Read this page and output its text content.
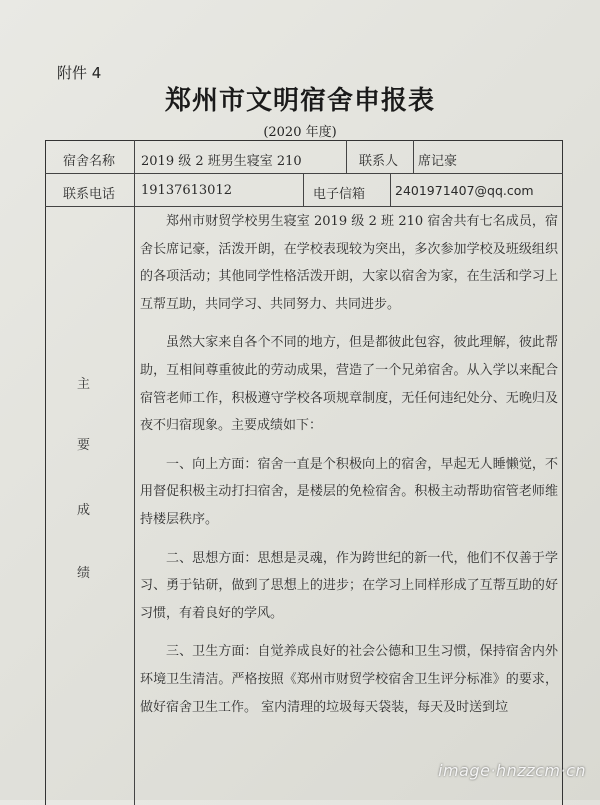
附件 4
郑州市文明宿舍申报表
(2020 年度)
宿舍名称 2019 级 2 班男生寝室 210	联系人 席记豪
联系电话 19137613012	电子信箱 2401971407@qq.com
主
要
成
绩

郑州市财贸学校男生寝室 2019 级 2 班 210 宿舍共有七名成员，宿舍长席记豪，活泼开朗，在学校表现较为突出，多次参加学校及班级组织的各项活动；其他同学性格活泼开朗，大家以宿舍为家，在生活和学习上互帮互助，共同学习、共同努力、共同进步。

虽然大家来自各个不同的地方，但是都彼此包容，彼此理解，彼此帮助，互相间尊重彼此的劳动成果，营造了一个兄弟宿舍。从入学以来配合宿管老师工作，积极遵守学校各项规章制度，无任何违纪处分、无晚归及夜不归宿现象。主要成绩如下：

一、向上方面：宿舍一直是个积极向上的宿舍，早起无人睡懒觉，不用督促积极主动打扫宿舍，是楼层的免检宿舍。积极主动帮助宿管老师维持楼层秩序。

二、思想方面：思想是灵魂，作为跨世纪的新一代，他们不仅善于学习、勇于钻研，做到了思想上的进步；在学习上同样形成了互帮互助的好习惯，有着良好的学风。

三、卫生方面：自觉养成良好的社会公德和卫生习惯，保持宿舍内外环境卫生清洁。严格按照《郑州市财贸学校宿舍卫生评分标准》的要求，做好宿舍卫生工作。 室内清理的垃圾每天袋装，每天及时送到垃

image·hnzzcm·cn
